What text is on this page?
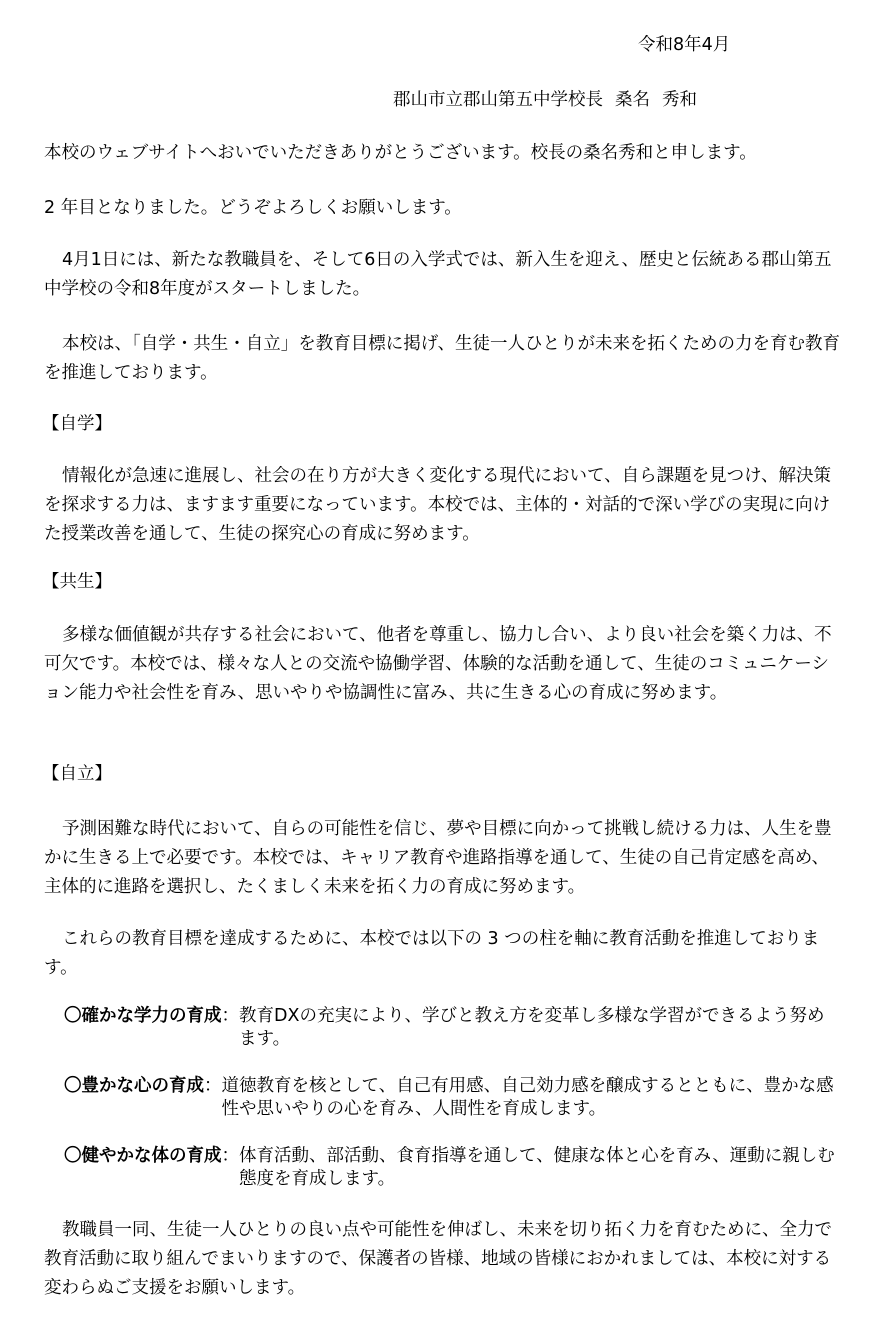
令和8年4月
郡山市立郡山第五中学校長 桑名 秀和

本校のウェブサイトへおいでいただきありがとうございます。校長の桑名秀和と申します。

2 年目となりました。どうぞよろしくお願いします。

4月1日には、新たな教職員を、そして6日の入学式では、新入生を迎え、歴史と伝統ある郡山第五中学校の令和8年度がスタートしました。

本校は、「自学・共生・自立」を教育目標に掲げ、生徒一人ひとりが未来を拓くための力を育む教育を推進しております。

【自学】

情報化が急速に進展し、社会の在り方が大きく変化する現代において、自ら課題を見つけ、解決策を探求する力は、ますます重要になっています。本校では、主体的・対話的で深い学びの実現に向けた授業改善を通して、生徒の探究心の育成に努めます。

【共生】

多様な価値観が共存する社会において、他者を尊重し、協力し合い、より良い社会を築く力は、不可欠です。本校では、様々な人との交流や協働学習、体験的な活動を通して、生徒のコミュニケーション能力や社会性を育み、思いやりや協調性に富み、共に生きる心の育成に努めます。

【自立】

予測困難な時代において、自らの可能性を信じ、夢や目標に向かって挑戦し続ける力は、人生を豊かに生きる上で必要です。本校では、キャリア教育や進路指導を通して、生徒の自己肯定感を高め、主体的に進路を選択し、たくましく未来を拓く力の育成に努めます。

これらの教育目標を達成するために、本校では以下の 3 つの柱を軸に教育活動を推進しております。

〇確かな学力の育成 ： 教育DXの充実により、学びと教え方を変革し多様な学習ができるよう努めます。
〇豊かな心の育成 ： 道徳教育を核として、自己有用感、自己効力感を醸成するとともに、豊かな感性や思いやりの心を育み、人間性を育成します。
〇健やかな体の育成 ： 体育活動、部活動、食育指導を通して、健康な体と心を育み、運動に親しむ態度を育成します。

教職員一同、生徒一人ひとりの良い点や可能性を伸ばし、未来を切り拓く力を育むために、全力で教育活動に取り組んでまいりますので、保護者の皆様、地域の皆様におかれましては、本校に対する変わらぬご支援をお願いします。
